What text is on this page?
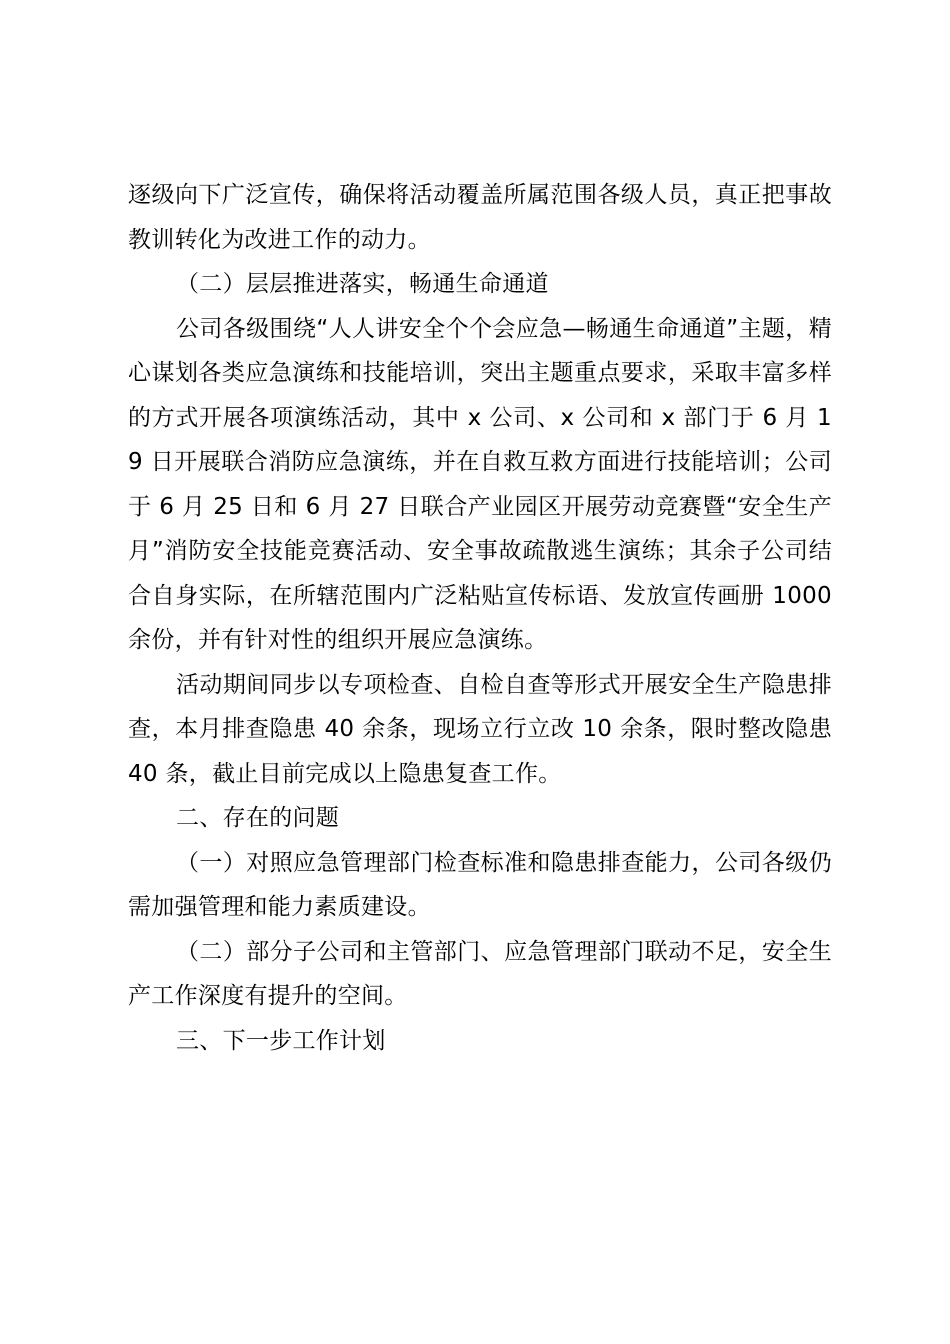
逐级向下广泛宣传，确保将活动覆盖所属范围各级人员，真正把事故教训转化为改进工作的动力。

（二）层层推进落实，畅通生命通道

公司各级围绕“人人讲安全个个会应急—畅通生命通道”主题，精心谋划各类应急演练和技能培训，突出主题重点要求，采取丰富多样的方式开展各项演练活动，其中 x 公司、x 公司和 x 部门于 6 月 19 日开展联合消防应急演练，并在自救互救方面进行技能培训；公司于 6 月 25 日和 6 月 27 日联合产业园区开展劳动竞赛暨“安全生产月”消防安全技能竞赛活动、安全事故疏散逃生演练；其余子公司结合自身实际，在所辖范围内广泛粘贴宣传标语、发放宣传画册 1000 余份，并有针对性的组织开展应急演练。

活动期间同步以专项检查、自检自查等形式开展安全生产隐患排查，本月排查隐患 40 余条，现场立行立改 10 余条，限时整改隐患 40 条，截止目前完成以上隐患复查工作。

二、存在的问题

（一）对照应急管理部门检查标准和隐患排查能力，公司各级仍需加强管理和能力素质建设。

（二）部分子公司和主管部门、应急管理部门联动不足，安全生产工作深度有提升的空间。

三、下一步工作计划
